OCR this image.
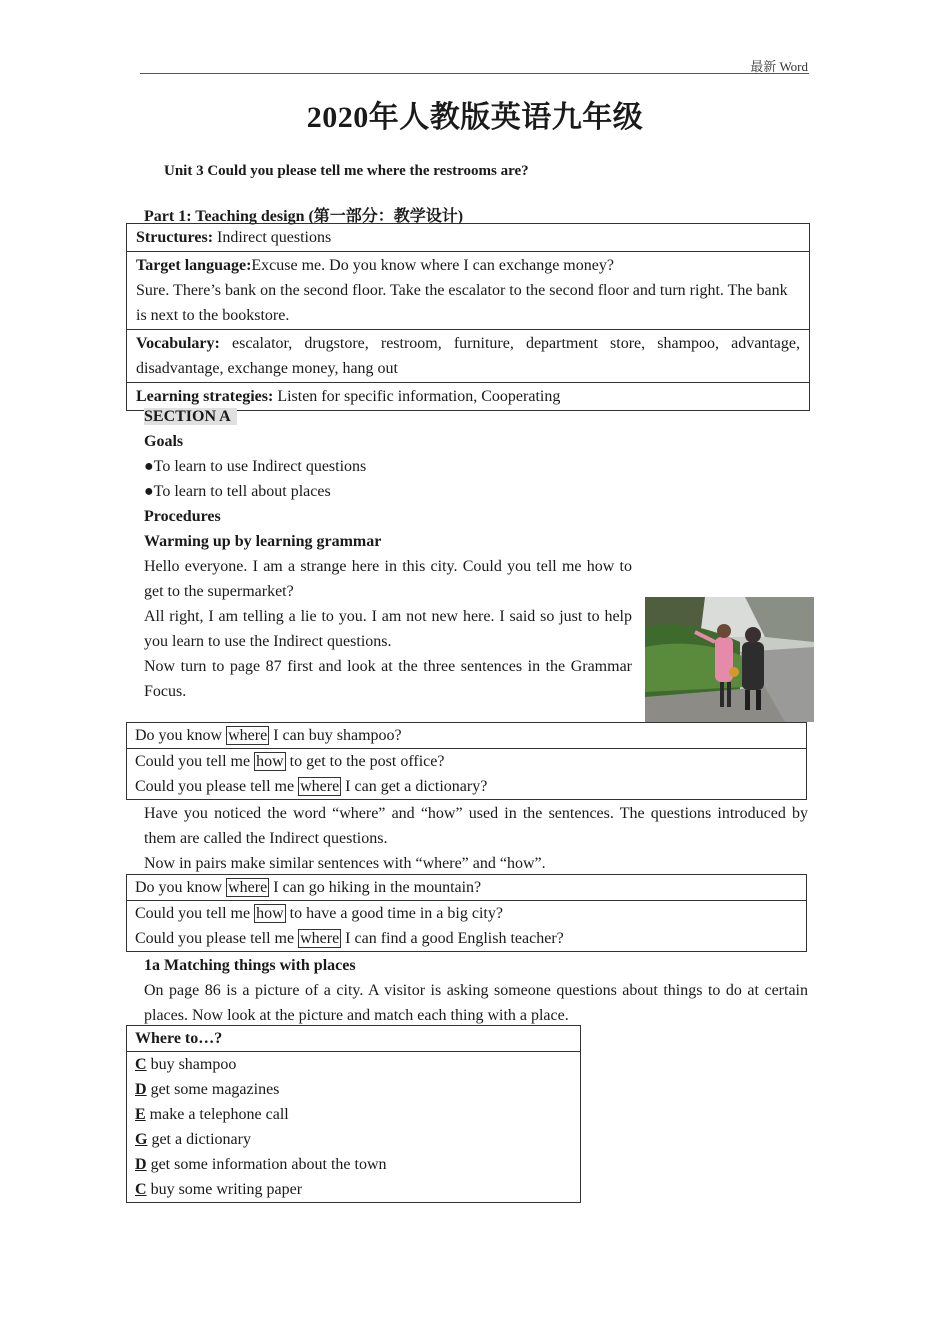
最新 Word
2020年人教版英语九年级
Unit 3 Could you please tell me where the restrooms are?
Part 1: Teaching design (第一部分：教学设计)
Structures: Indirect questions
Target language:Excuse me. Do you know where I can exchange money?
Sure. There’s bank on the second floor. Take the escalator to the second floor and turn right. The bank is next to the bookstore.
Vocabulary: escalator, drugstore, restroom, furniture, department store, shampoo, advantage, disadvantage, exchange money, hang out
Learning strategies: Listen for specific information, Cooperating
SECTION A
Goals
●To learn to use Indirect questions
●To learn to tell about places
Procedures
Warming up by learning grammar

Hello everyone. I am a strange here in this city. Could you tell me how to get to the supermarket?

All right, I am telling a lie to you. I am not new here. I said so just to help you learn to use the Indirect questions.

Now turn to page 87 first and look at the three sentences in the Grammar Focus.

Do you know where I can buy shampoo?
Could you tell me how to get to the post office?
Could you please tell me where I can get a dictionary?

Have you noticed the word “where” and “how” used in the sentences. The questions introduced by them are called the Indirect questions.

Now in pairs make similar sentences with “where” and “how”.

Do you know where I can go hiking in the mountain?
Could you tell me how to have a good time in a big city?
Could you please tell me where I can find a good English teacher?
1a Matching things with places
On page 86 is a picture of a city. A visitor is asking someone questions about things to do at certain places. Now look at the picture and match each thing with a place.
Where to…?
C buy shampoo
D get some magazines
E make a telephone call
G get a dictionary
D get some information about the town
C buy some writing paper
